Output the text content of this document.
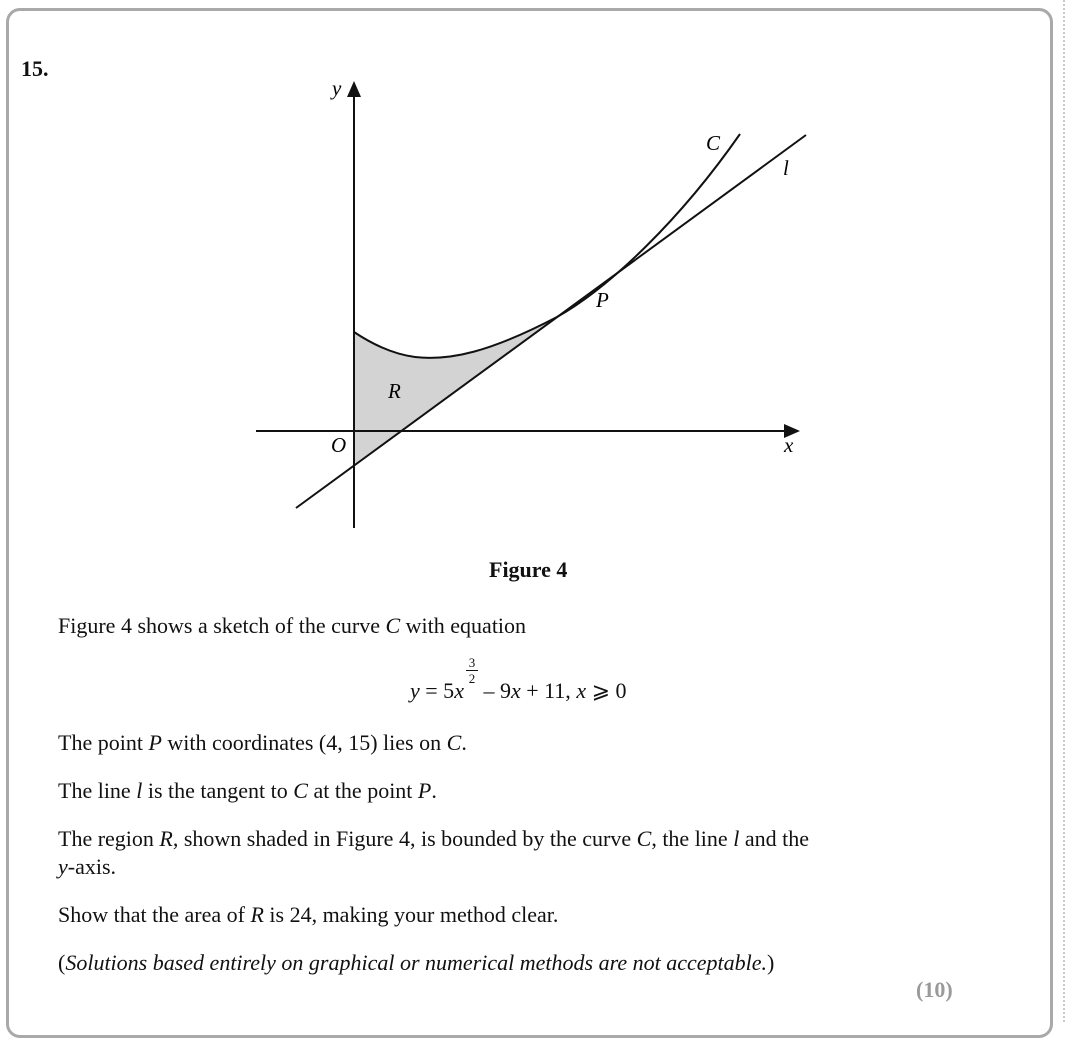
15.
y
x
O
C
l
P
R
Figure 4
Figure 4 shows a sketch of the curve C with equation
y = 5x – 9x + 11, x ⩾ 0
3
2
The point P with coordinates (4, 15) lies on C.
The line l is the tangent to C at the point P.
The region R, shown shaded in Figure 4, is bounded by the curve C, the line l and the
y-axis.
Show that the area of R is 24, making your method clear.
(Solutions based entirely on graphical or numerical methods are not acceptable.)
(10)
